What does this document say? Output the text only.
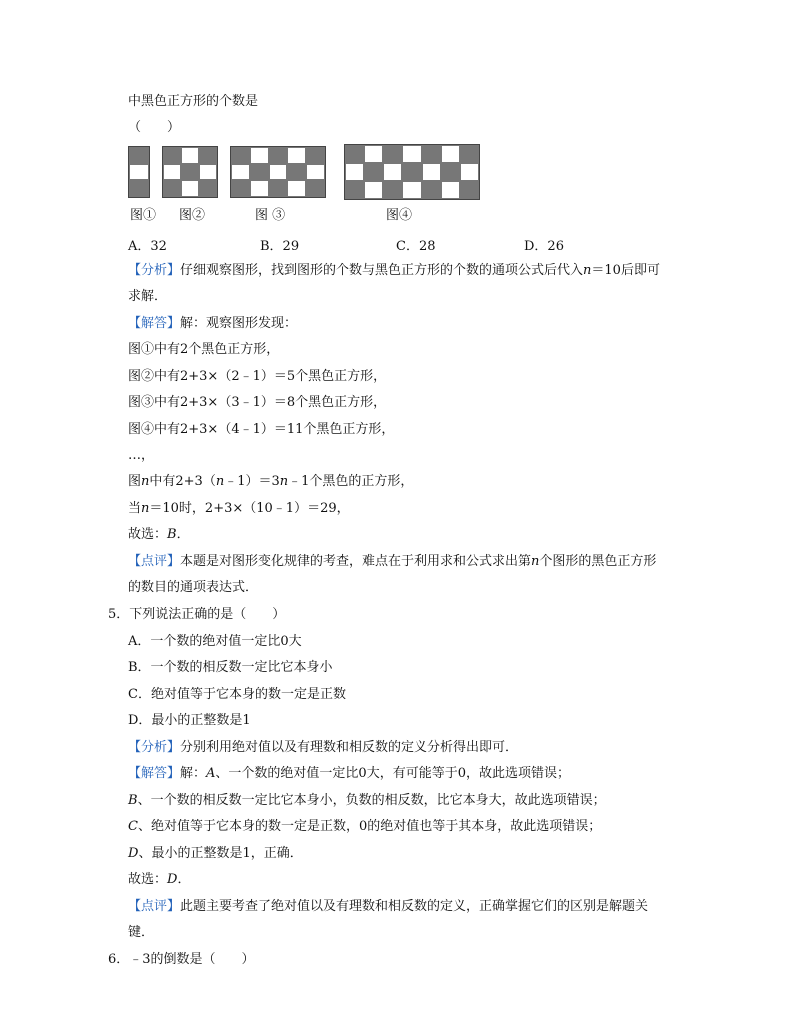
中黑色正方形的个数是
（　　）
图① 图②	图 ③	图④
A．32	B．29	C．28	D．26
【分析】仔细观察图形，找到图形的个数与黑色正方形的个数的通项公式后代入n＝10后即可
求解．
【解答】解：观察图形发现：
图①中有2个黑色正方形，
图②中有2+3×（2﹣1）＝5个黑色正方形，
图③中有2+3×（3﹣1）＝8个黑色正方形，
图④中有2+3×（4﹣1）＝11个黑色正方形，
…，
图n中有2+3（n﹣1）＝3n﹣1个黑色的正方形，
当n＝10时，2+3×（10﹣1）＝29，
故选：B．
【点评】本题是对图形变化规律的考查，难点在于利用求和公式求出第n个图形的黑色正方形
的数目的通项表达式．
5．下列说法正确的是（　　）
A．一个数的绝对值一定比0大
B．一个数的相反数一定比它本身小
C．绝对值等于它本身的数一定是正数
D．最小的正整数是1
【分析】分别利用绝对值以及有理数和相反数的定义分析得出即可．
【解答】解：A、一个数的绝对值一定比0大，有可能等于0，故此选项错误；
B、一个数的相反数一定比它本身小，负数的相反数，比它本身大，故此选项错误；
C、绝对值等于它本身的数一定是正数，0的绝对值也等于其本身，故此选项错误；
D、最小的正整数是1，正确．
故选：D．
【点评】此题主要考查了绝对值以及有理数和相反数的定义，正确掌握它们的区别是解题关
键．
6．﹣3的倒数是（　　）
